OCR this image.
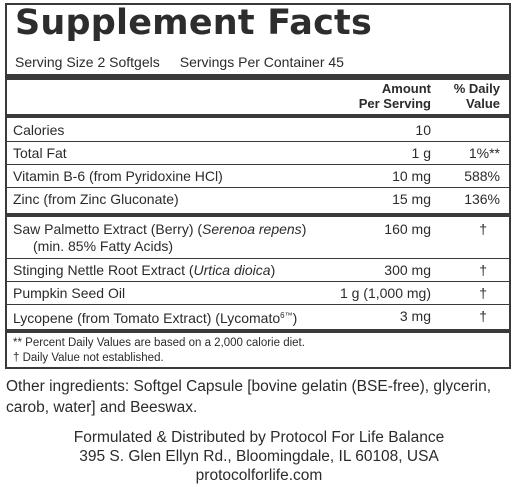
Supplement Facts
Serving Size 2 Softgels Servings Per Container 45
Amount
Per Serving
% Daily
Value
Calories	10
Total Fat	1 g	1%**
Vitamin B-6 (from Pyridoxine HCl)	10 mg 588%
Zinc (from Zinc Gluconate)	15 mg 136%
Saw Palmetto Extract (Berry) (Serenoa repens)
(min. 85% Fatty Acids)
160 mg	†
Stinging Nettle Root Extract (Urtica dioica)	300 mg	†
Pumpkin Seed Oil	1 g (1,000 mg)	†
Lycopene (from Tomato Extract) (Lycomato$^{6™}$)	3 mg	†
** Percent Daily Values are based on a 2,000 calorie diet.
† Daily Value not established.
Other ingredients: Softgel Capsule [bovine gelatin (BSE-free), glycerin, carob, water] and Beeswax.
Formulated & Distributed by Protocol For Life Balance
395 S. Glen Ellyn Rd., Bloomingdale, IL 60108, USA
protocolforlife.com
